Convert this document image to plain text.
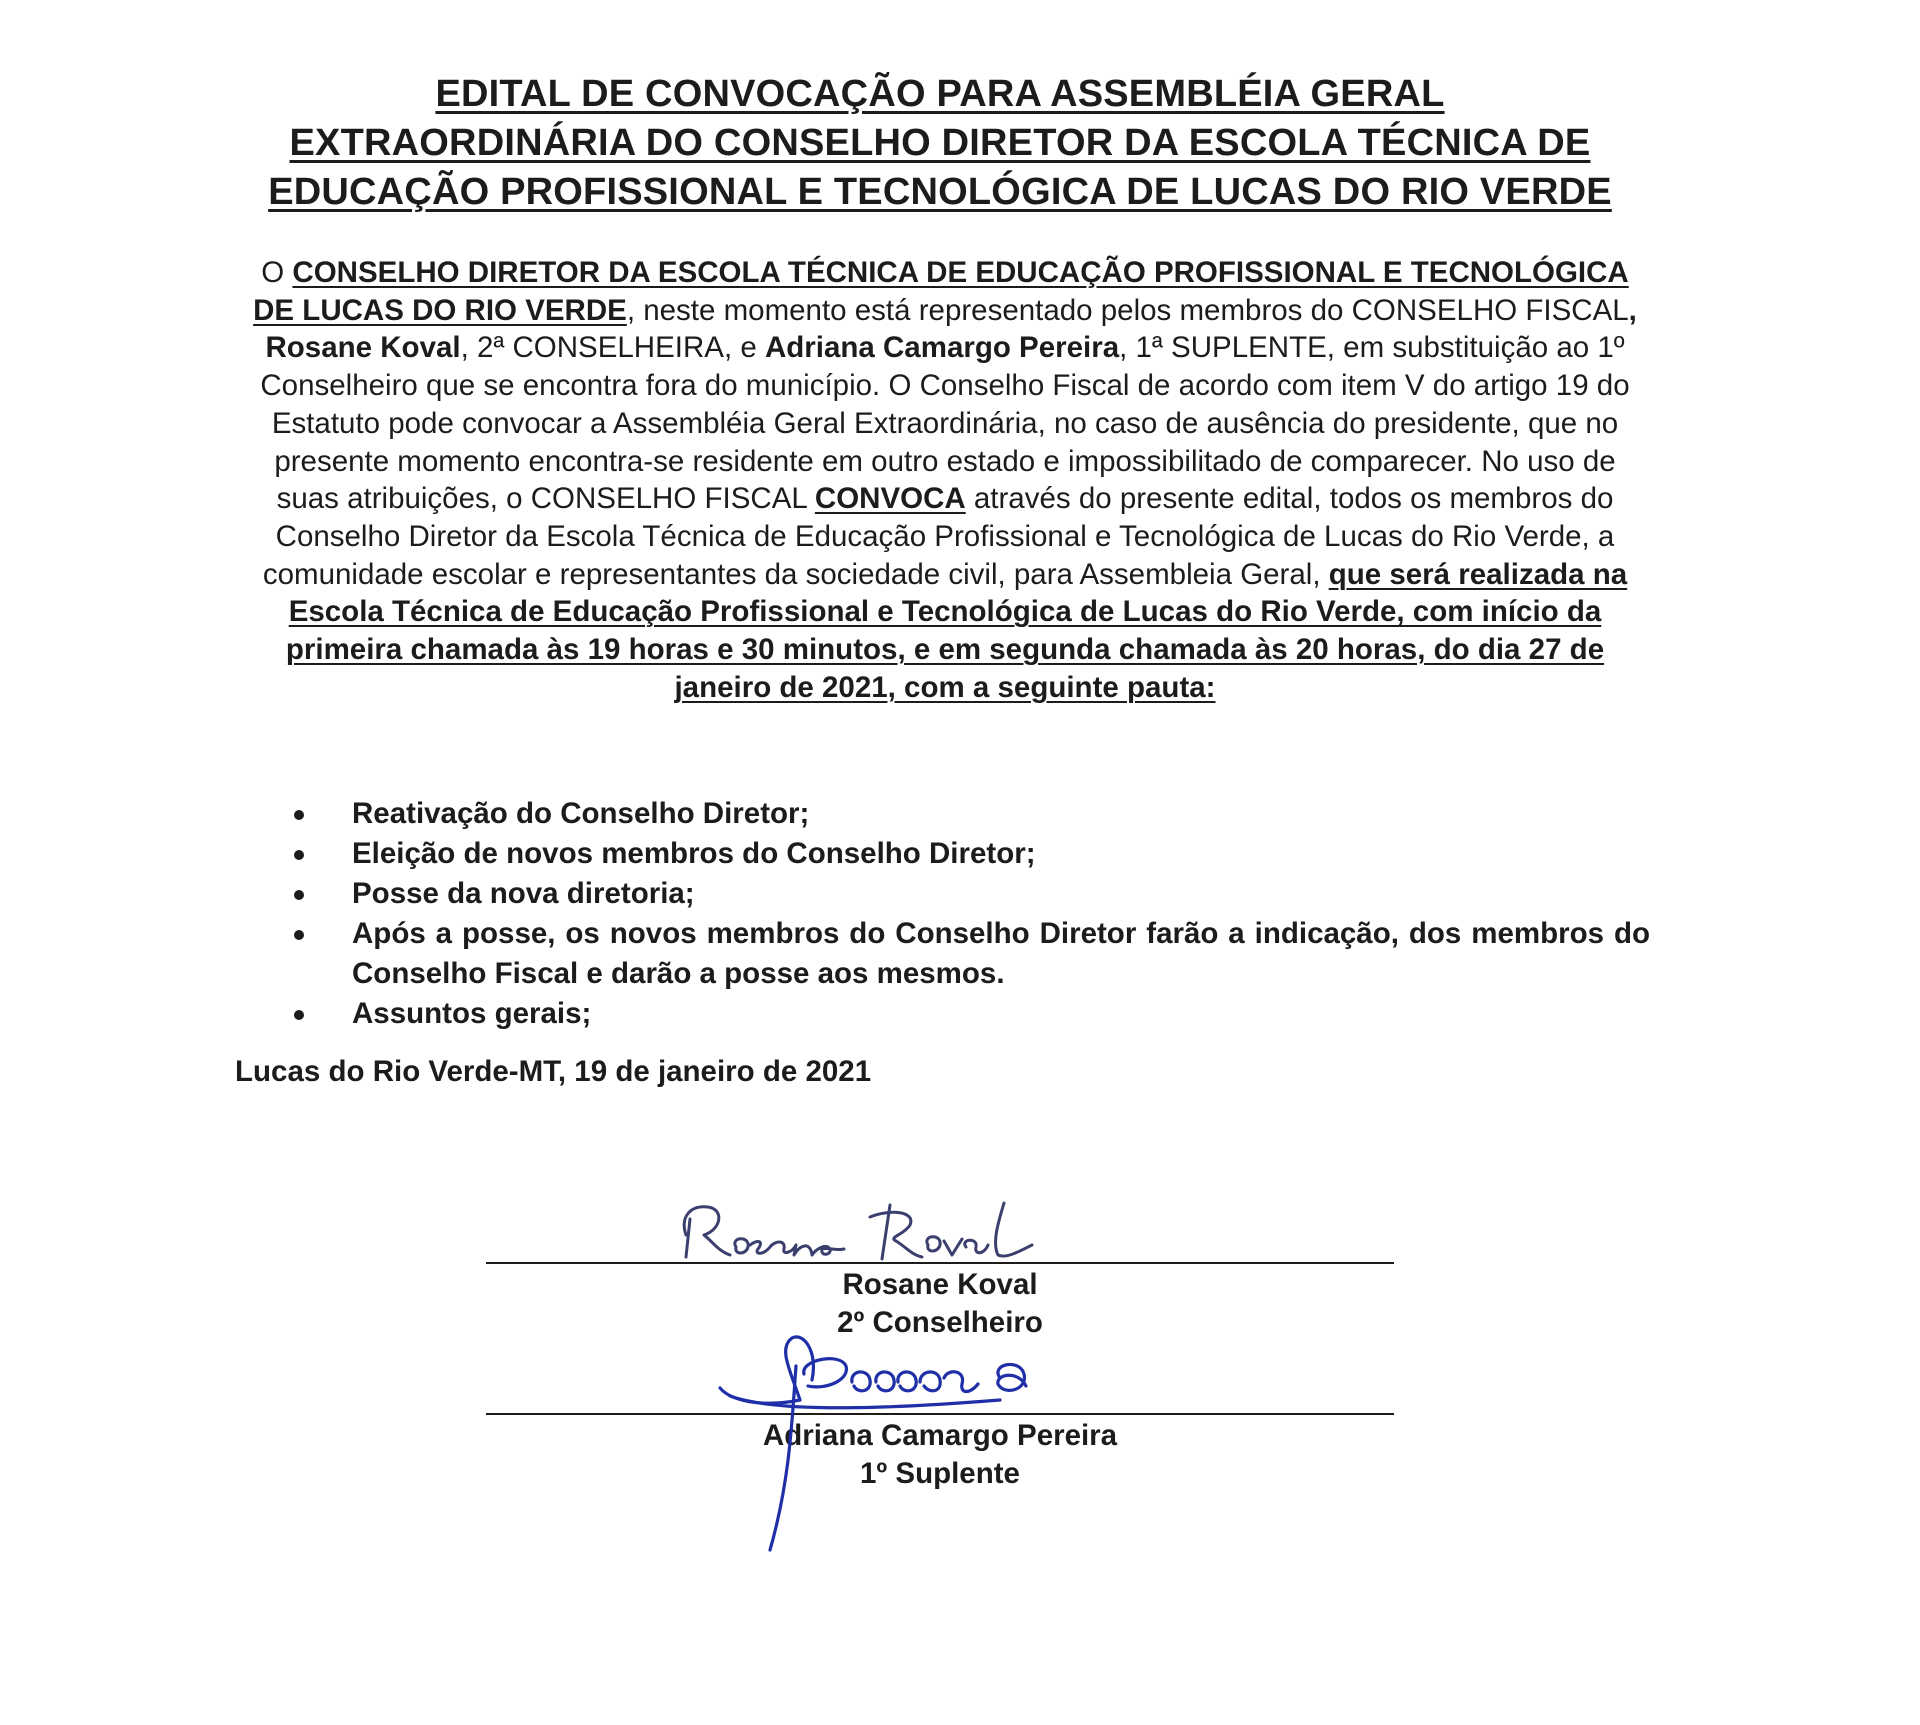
EDITAL DE CONVOCAÇÃO PARA ASSEMBLÉIA GERAL
EXTRAORDINÁRIA DO CONSELHO DIRETOR DA ESCOLA TÉCNICA DE
EDUCAÇÃO PROFISSIONAL E TECNOLÓGICA DE LUCAS DO RIO VERDE
O CONSELHO DIRETOR DA ESCOLA TÉCNICA DE EDUCAÇÃO PROFISSIONAL E TECNOLÓGICA DE LUCAS DO RIO VERDE, neste momento está representado pelos membros do CONSELHO FISCAL, Rosane Koval, 2ª CONSELHEIRA, e Adriana Camargo Pereira, 1ª SUPLENTE, em substituição ao 1º Conselheiro que se encontra fora do município. O Conselho Fiscal de acordo com item V do artigo 19 do Estatuto pode convocar a Assembléia Geral Extraordinária, no caso de ausência do presidente, que no presente momento encontra-se residente em outro estado e impossibilitado de comparecer. No uso de suas atribuições, o CONSELHO FISCAL CONVOCA através do presente edital, todos os membros do Conselho Diretor da Escola Técnica de Educação Profissional e Tecnológica de Lucas do Rio Verde, a comunidade escolar e representantes da sociedade civil, para Assembleia Geral, que será realizada na Escola Técnica de Educação Profissional e Tecnológica de Lucas do Rio Verde, com início da primeira chamada às 19 horas e 30 minutos, e em segunda chamada às 20 horas, do dia 27 de janeiro de 2021, com a seguinte pauta:
Reativação do Conselho Diretor;
Eleição de novos membros do Conselho Diretor;
Posse da nova diretoria;
Após a posse, os novos membros do Conselho Diretor farão a indicação, dos membros do Conselho Fiscal e darão a posse aos mesmos.
Assuntos gerais;
Lucas do Rio Verde-MT, 19 de janeiro de 2021
Rosane Koval
2º Conselheiro
Adriana Camargo Pereira
1º Suplente
